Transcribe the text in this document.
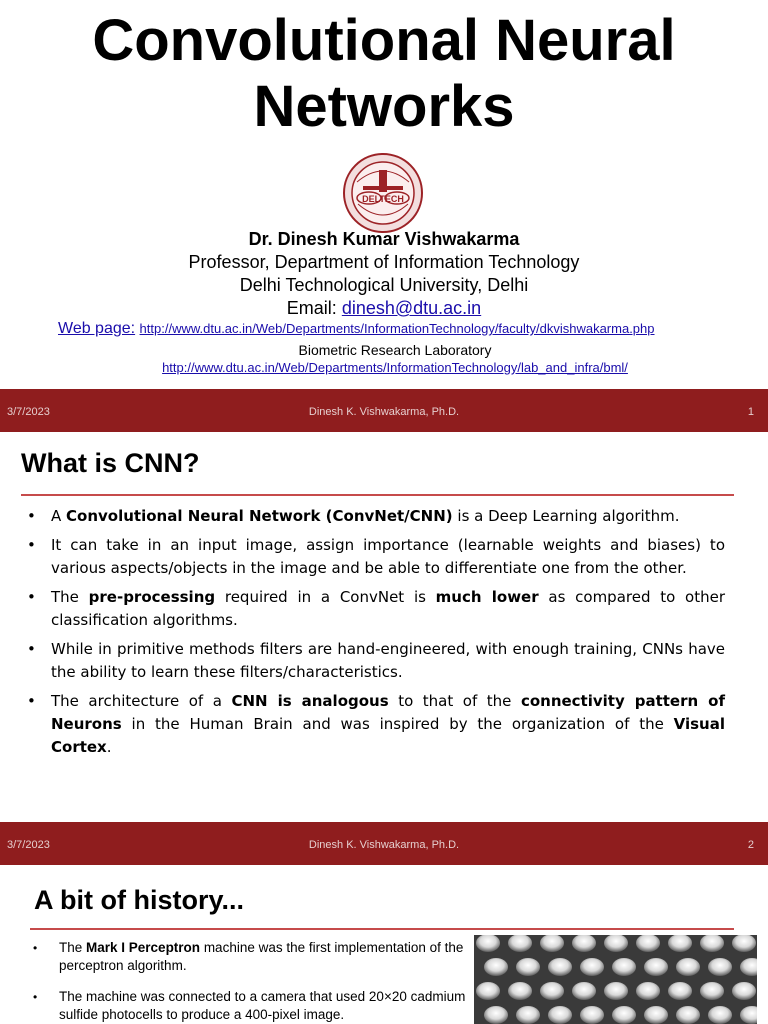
Convolutional Neural Networks
DELTECH
Dr. Dinesh Kumar Vishwakarma
Professor, Department of Information Technology
Delhi Technological University, Delhi
Email: dinesh@dtu.ac.in
Web page: http://www.dtu.ac.in/Web/Departments/InformationTechnology/faculty/dkvishwakarma.php
Biometric Research Laboratory
http://www.dtu.ac.in/Web/Departments/InformationTechnology/lab_and_infra/bml/
3/7/2023	Dinesh K. Vishwakarma, Ph.D.	1
What is CNN?
• A Convolutional Neural Network (ConvNet/CNN) is a Deep Learning algorithm.
• It can take in an input image, assign importance (learnable weights and biases) to various aspects/objects in the image and be able to differentiate one from the other.
• The pre-processing required in a ConvNet is much lower as compared to other classification algorithms.
• While in primitive methods filters are hand-engineered, with enough training, CNNs have the ability to learn these filters/characteristics.
• The architecture of a CNN is analogous to that of the connectivity pattern of Neurons in the Human Brain and was inspired by the organization of the Visual Cortex.
3/7/2023	Dinesh K. Vishwakarma, Ph.D.	2
A bit of history...
• The Mark I Perceptron machine was the first implementation of the perceptron algorithm.
• The machine was connected to a camera that used 20×20 cadmium sulfide photocells to produce a 400-pixel image.
